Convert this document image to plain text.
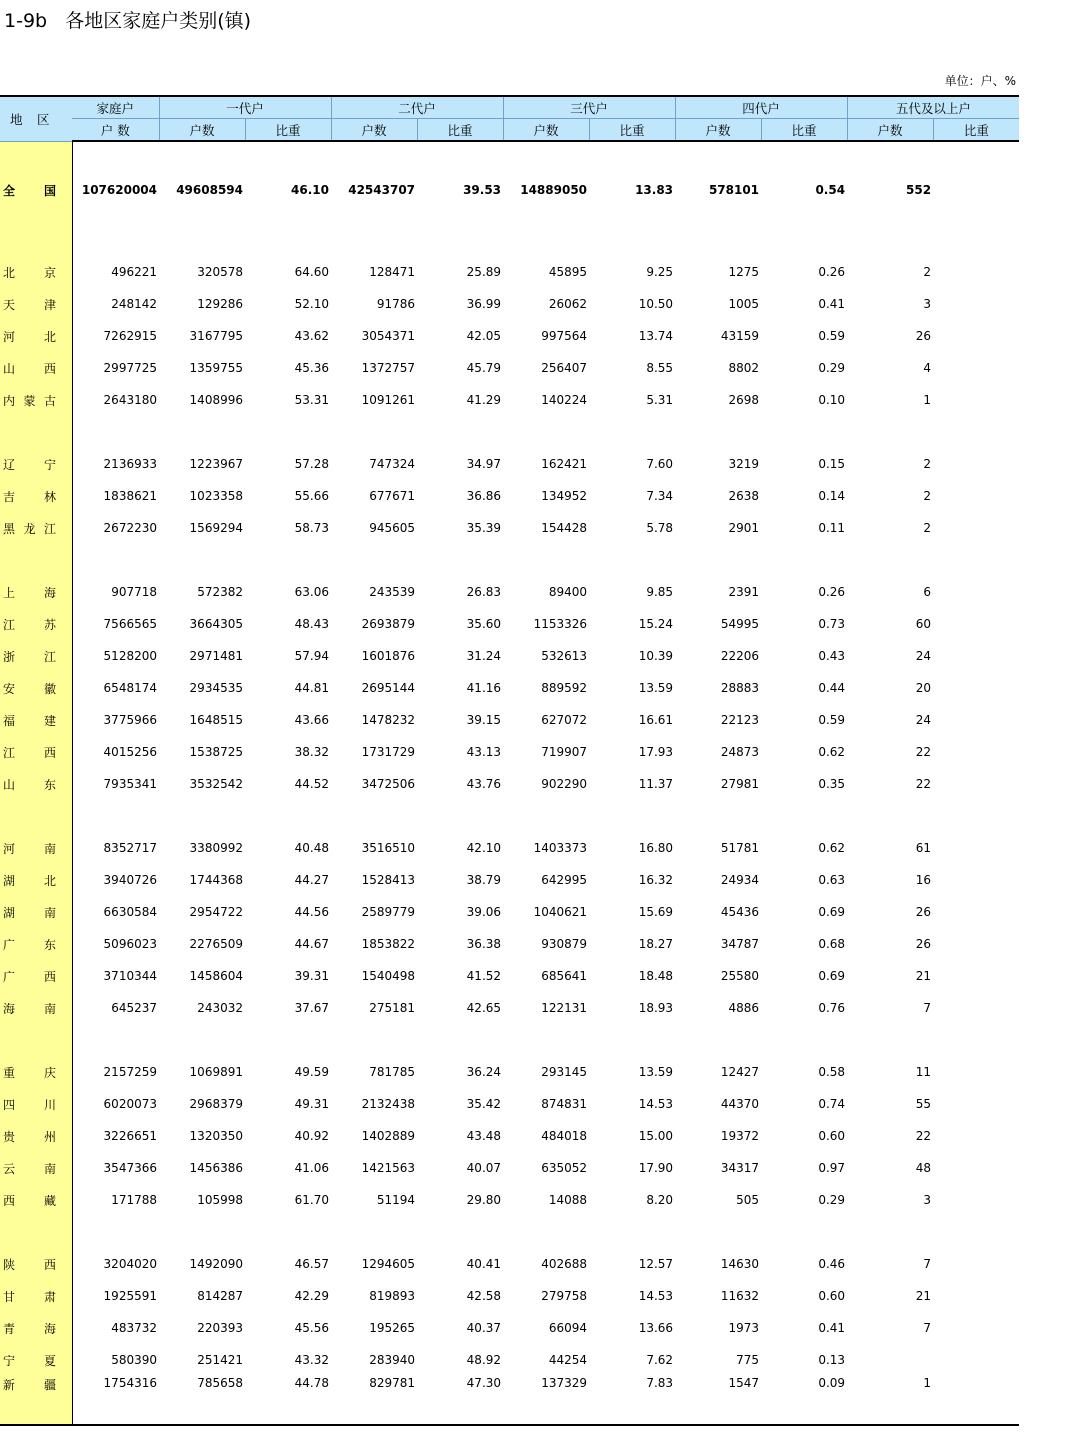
1-9b   各地区家庭户类别(镇)
单位：户、%
地 区	家庭户	一代户		二代户		三代户		四代户		五代及以上户	
	户 数	户数	比重	户数	比重	户数	比重	户数	比重	户数	比重

全 国	107620004	49608594	46.10	42543707	39.53	14889050	13.83	578101	0.54	552	

北 京	496221	320578	64.60	128471	25.89	45895	9.25	1275	0.26	2	

天 津	248142	129286	52.10	91786	36.99	26062	10.50	1005	0.41	3	

河 北	7262915	3167795	43.62	3054371	42.05	997564	13.74	43159	0.59	26	

山 西	2997725	1359755	45.36	1372757	45.79	256407	8.55	8802	0.29	4	

内 蒙 古	2643180	1408996	53.31	1091261	41.29	140224	5.31	2698	0.10	1	

辽 宁	2136933	1223967	57.28	747324	34.97	162421	7.60	3219	0.15	2	

吉 林	1838621	1023358	55.66	677671	36.86	134952	7.34	2638	0.14	2	

黑 龙 江	2672230	1569294	58.73	945605	35.39	154428	5.78	2901	0.11	2	

上 海	907718	572382	63.06	243539	26.83	89400	9.85	2391	0.26	6	

江 苏	7566565	3664305	48.43	2693879	35.60	1153326	15.24	54995	0.73	60	

浙 江	5128200	2971481	57.94	1601876	31.24	532613	10.39	22206	0.43	24	

安 徽	6548174	2934535	44.81	2695144	41.16	889592	13.59	28883	0.44	20	

福 建	3775966	1648515	43.66	1478232	39.15	627072	16.61	22123	0.59	24	

江 西	4015256	1538725	38.32	1731729	43.13	719907	17.93	24873	0.62	22	

山 东	7935341	3532542	44.52	3472506	43.76	902290	11.37	27981	0.35	22	

河 南	8352717	3380992	40.48	3516510	42.10	1403373	16.80	51781	0.62	61	

湖 北	3940726	1744368	44.27	1528413	38.79	642995	16.32	24934	0.63	16	

湖 南	6630584	2954722	44.56	2589779	39.06	1040621	15.69	45436	0.69	26	

广 东	5096023	2276509	44.67	1853822	36.38	930879	18.27	34787	0.68	26	

广 西	3710344	1458604	39.31	1540498	41.52	685641	18.48	25580	0.69	21	

海 南	645237	243032	37.67	275181	42.65	122131	18.93	4886	0.76	7	

重 庆	2157259	1069891	49.59	781785	36.24	293145	13.59	12427	0.58	11	

四 川	6020073	2968379	49.31	2132438	35.42	874831	14.53	44370	0.74	55	

贵 州	3226651	1320350	40.92	1402889	43.48	484018	15.00	19372	0.60	22	

云 南	3547366	1456386	41.06	1421563	40.07	635052	17.90	34317	0.97	48	

西 藏	171788	105998	61.70	51194	29.80	14088	8.20	505	0.29	3	

陕 西	3204020	1492090	46.57	1294605	40.41	402688	12.57	14630	0.46	7	

甘 肃	1925591	814287	42.29	819893	42.58	279758	14.53	11632	0.60	21	

青 海	483732	220393	45.56	195265	40.37	66094	13.66	1973	0.41	7	

宁 夏	580390	251421	43.32	283940	48.92	44254	7.62	775	0.13		

新 疆	1754316	785658	44.78	829781	47.30	137329	7.83	1547	0.09	1	
